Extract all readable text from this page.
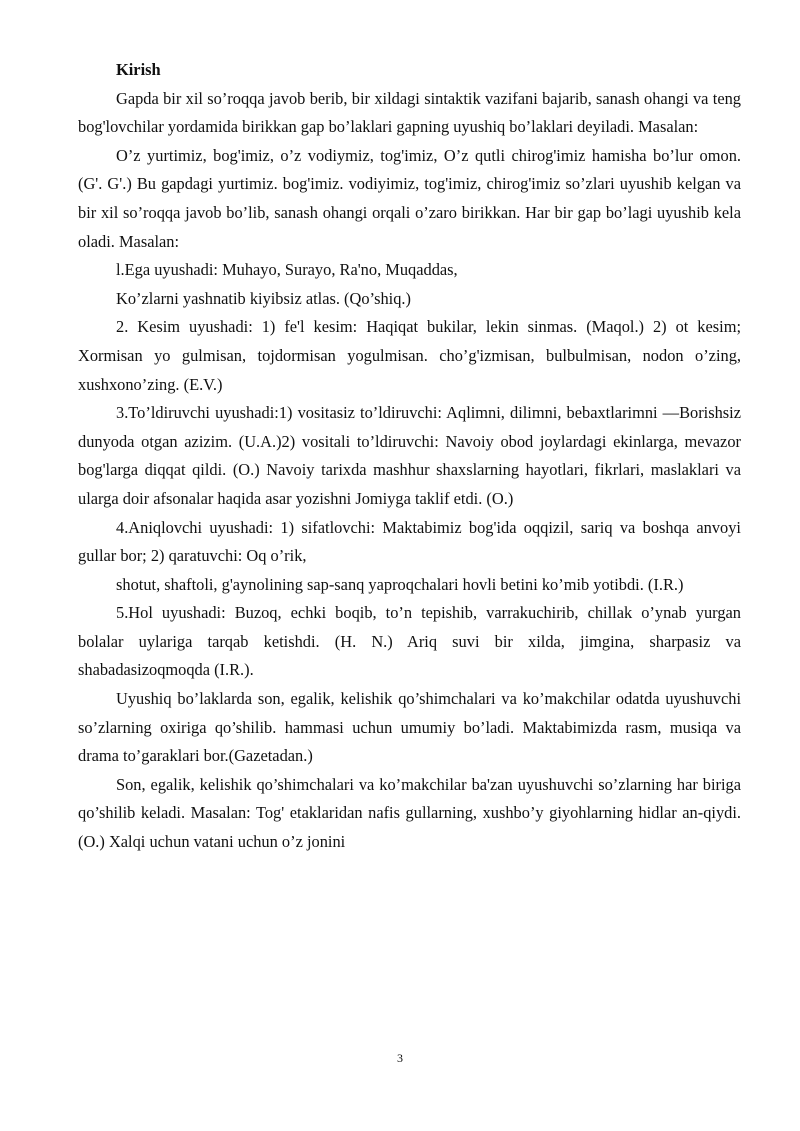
Kirish

Gapda bir xil so’roqqa javob berib, bir xildagi sintaktik vazifani bajarib, sanash ohangi va teng bog'lovchilar yordamida birikkan gap bo’laklari gapning uyushiq bo’laklari deyiladi. Masalan:

O’z yurtimiz, bog'imiz, o’z vodiymiz, tog'imiz, O’z qutli chirog'imiz hamisha bo’lur omon. (G'. G'.) Bu gapdagi yurtimiz. bog'imiz. vodiyimiz, tog'imiz, chirog'imiz so’zlari uyushib kelgan va bir xil so’roqqa javob bo’lib, sanash ohangi orqali o’zaro birikkan. Har bir gap bo’lagi uyushib kela oladi. Masalan:

l.Ega uyushadi: Muhayo, Surayo, Ra'no, Muqaddas,

Ko’zlarni yashnatib kiyibsiz atlas. (Qo’shiq.)

2. Kesim uyushadi: 1) fe'l kesim: Haqiqat bukilar, lekin sinmas. (Maqol.) 2) ot kesim; Xormisan yo gulmisan, tojdormisan yogulmisan. cho’g'izmisan, bulbulmisan, nodon o’zing, xushxono’zing. (E.V.)

3.To’ldiruvchi uyushadi:1) vositasiz to’ldiruvchi: Aqlimni, dilimni, bebaxtlarimni —Borishsiz dunyoda otgan azizim. (U.A.)2) vositali to’ldiruvchi: Navoiy obod joylardagi ekinlarga, mevazor bog'larga diqqat qildi. (O.) Navoiy tarixda mashhur shaxslarning hayotlari, fikrlari, maslaklari va ularga doir afsonalar haqida asar yozishni Jomiyga taklif etdi. (O.)

4.Aniqlovchi uyushadi: 1) sifatlovchi: Maktabimiz bog'ida oqqizil, sariq va boshqa anvoyi gullar bor; 2) qaratuvchi: Oq o’rik,

shotut, shaftoli, g'aynolining sap-sanq yaproqchalari hovli betini ko’mib yotibdi. (I.R.)

5.Hol uyushadi: Buzoq, echki boqib, to’n tepishib, varrakuchirib, chillak o’ynab yurgan bolalar uylariga tarqab ketishdi. (H. N.) Ariq suvi bir xilda, jimgina, sharpasiz va shabadasizoqmoqda (I.R.).

Uyushiq bo’laklarda son, egalik, kelishik qo’shimchalari va ko’makchilar odatda uyushuvchi so’zlarning oxiriga qo’shilib. hammasi uchun umumiy bo’ladi. Maktabimizda rasm, musiqa va drama to’garaklari bor.(Gazetadan.)

Son, egalik, kelishik qo’shimchalari va ko’makchilar ba'zan uyushuvchi so’zlarning har biriga qo’shilib keladi. Masalan: Tog' etaklaridan nafis gullarning, xushbo’y giyohlarning hidlar an-qiydi. (O.) Xalqi uchun vatani uchun o’z jonini

3
